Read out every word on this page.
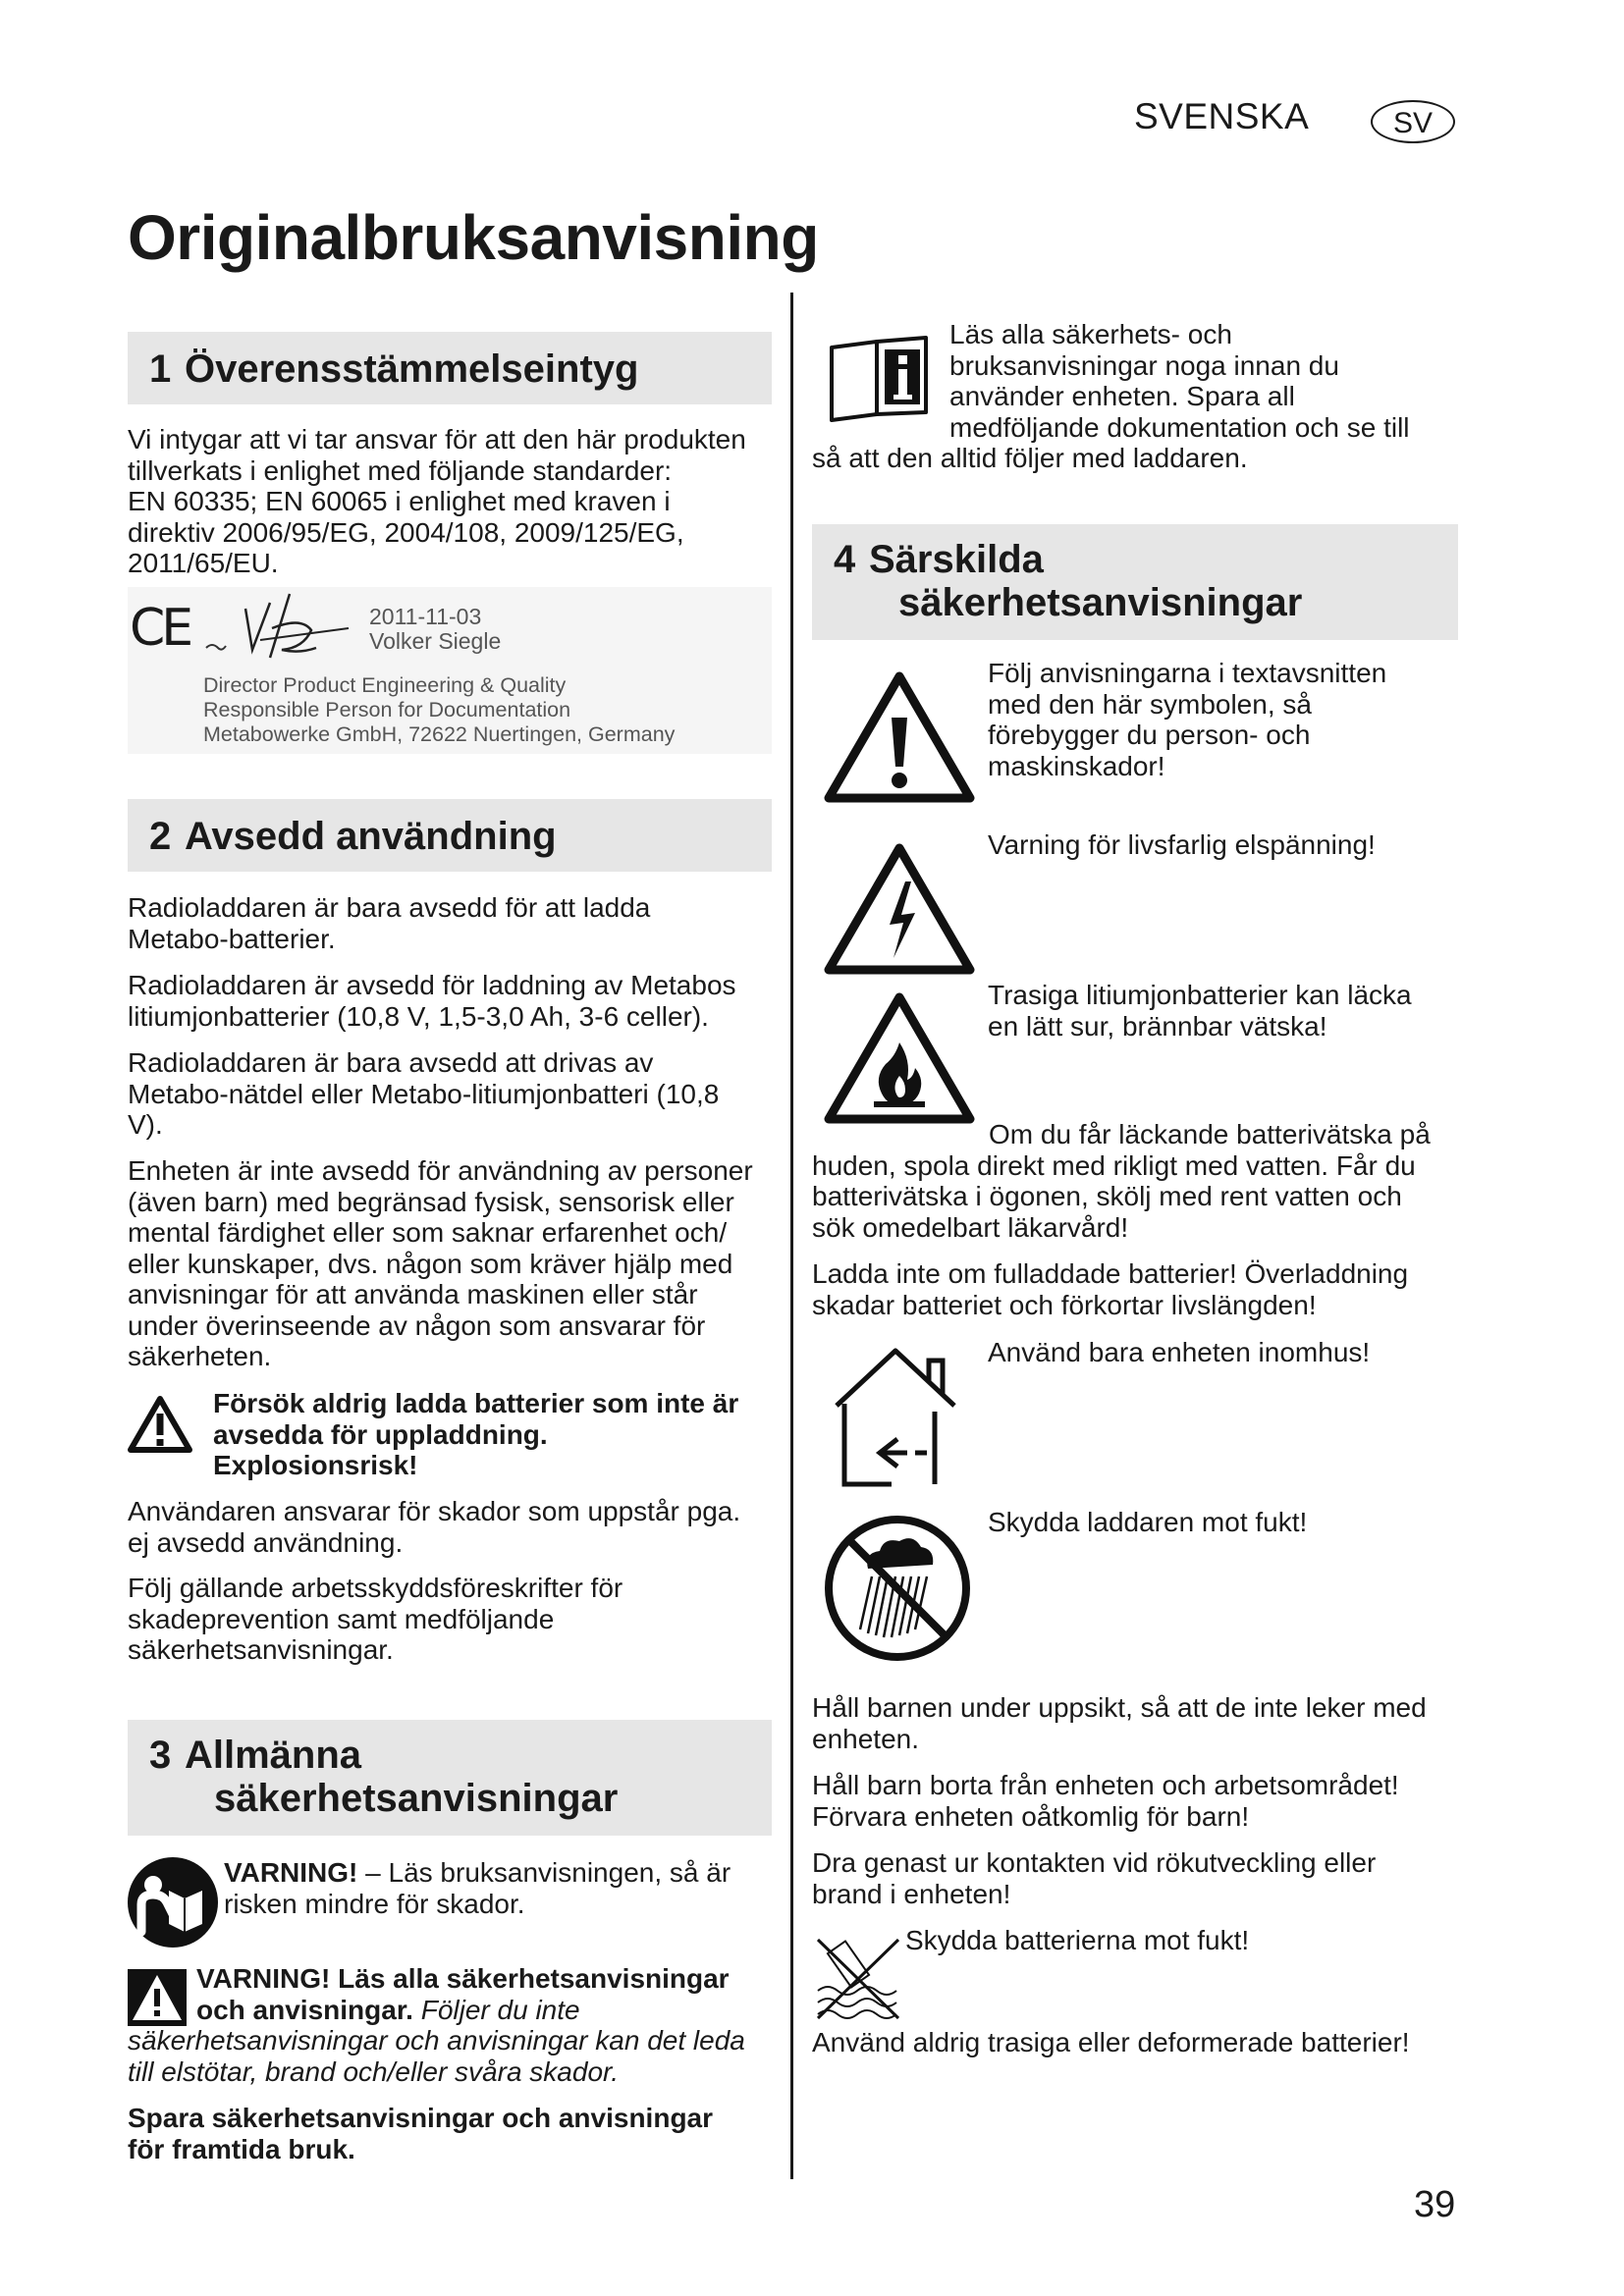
SVENSKA	SV
Originalbruksanvisning
1 Överensstämmelseintyg
Vi intygar att vi tar ansvar för att den här produkten
tillverkats i enlighet med följande standarder:
EN 60335; EN 60065 i enlighet med kraven i
direktiv 2006/95/EG, 2004/108, 2009/125/EG,
2011/65/EU.
CE	2011-11-03
Volker Siegle
Director Product Engineering & Quality
Responsible Person for Documentation
Metabowerke GmbH, 72622 Nuertingen, Germany
2 Avsedd användning
Radioladdaren är bara avsedd för att ladda
Metabo-batterier.
Radioladdaren är avsedd för laddning av Metabos
litiumjonbatterier (10,8 V, 1,5-3,0 Ah, 3-6 celler).
Radioladdaren är bara avsedd att drivas av
Metabo-nätdel eller Metabo-litiumjonbatteri (10,8
V).
Enheten är inte avsedd för användning av personer
(även barn) med begränsad fysisk, sensorisk eller
mental färdighet eller som saknar erfarenhet och/
eller kunskaper, dvs. någon som kräver hjälp med
anvisningar för att använda maskinen eller står
under överinseende av någon som ansvarar för
säkerheten.
Försök aldrig ladda batterier som inte är
avsedda för uppladdning.
Explosionsrisk!
Användaren ansvarar för skador som uppstår pga.
ej avsedd användning.
Följ gällande arbetsskyddsföreskrifter för
skadeprevention samt medföljande
säkerhetsanvisningar.
3 Allmänna
säkerhetsanvisningar
VARNING! – Läs bruksanvisningen, så är
risken mindre för skador.
VARNING! Läs alla säkerhetsanvisningar
och anvisningar. Följer du inte
säkerhetsanvisningar och anvisningar kan det leda
till elstötar, brand och/eller svåra skador.
Spara säkerhetsanvisningar och anvisningar
för framtida bruk.
Läs alla säkerhets- och
bruksanvisningar noga innan du
använder enheten. Spara all
medföljande dokumentation och se till
så att den alltid följer med laddaren.
4 Särskilda
säkerhetsanvisningar
Följ anvisningarna i textavsnitten
med den här symbolen, så
förebygger du person- och
maskinskador!
Varning för livsfarlig elspänning!
Trasiga litiumjonbatterier kan läcka
en lätt sur, brännbar vätska!
Om du får läckande batterivätska på
huden, spola direkt med rikligt med vatten. Får du
batterivätska i ögonen, skölj med rent vatten och
sök omedelbart läkarvård!
Ladda inte om fulladdade batterier! Överladdning
skadar batteriet och förkortar livslängden!
Använd bara enheten inomhus!
Skydda laddaren mot fukt!
Håll barnen under uppsikt, så att de inte leker med
enheten.
Håll barn borta från enheten och arbetsområdet!
Förvara enheten oåtkomlig för barn!
Dra genast ur kontakten vid rökutveckling eller
brand i enheten!
Skydda batterierna mot fukt!
Använd aldrig trasiga eller deformerade batterier!
39
